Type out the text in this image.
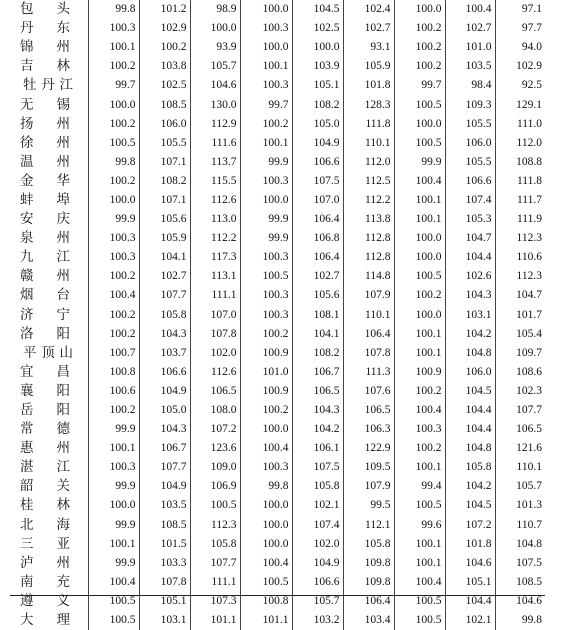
包 头	99.8	101.2	98.9	100.0	104.5	102.4	100.0	100.4	97.1

丹 东	100.3	102.9	100.0	100.3	102.5	102.7	100.2	102.7	97.7

锦 州	100.1	100.2	93.9	100.0	100.0	93.1	100.2	101.0	94.0

吉 林	100.2	103.8	105.7	100.1	103.9	105.9	100.2	103.5	102.9

牡 丹 江	99.7	102.5	104.6	100.3	105.1	101.8	99.7	98.4	92.5

无 锡	100.0	108.5	130.0	99.7	108.2	128.3	100.5	109.3	129.1

扬 州	100.2	106.0	112.9	100.2	105.0	111.8	100.0	105.5	111.0

徐 州	100.5	105.5	111.6	100.1	104.9	110.1	100.5	106.0	112.0

温 州	99.8	107.1	113.7	99.9	106.6	112.0	99.9	105.5	108.8

金 华	100.2	108.2	115.5	100.3	107.5	112.5	100.4	106.6	111.8

蚌 埠	100.0	107.1	112.6	100.0	107.0	112.2	100.1	107.4	111.7

安 庆	99.9	105.6	113.0	99.9	106.4	113.8	100.1	105.3	111.9

泉 州	100.3	105.9	112.2	99.9	106.8	112.8	100.0	104.7	112.3

九 江	100.3	104.1	117.3	100.3	106.4	112.8	100.0	104.4	110.6

赣 州	100.2	102.7	113.1	100.5	102.7	114.8	100.5	102.6	112.3

烟 台	100.4	107.7	111.1	100.3	105.6	107.9	100.2	104.3	104.7

济 宁	100.2	105.8	107.0	100.3	108.1	110.1	100.0	103.1	101.7

洛 阳	100.2	104.3	107.8	100.2	104.1	106.4	100.1	104.2	105.4

平 顶 山	100.7	103.7	102.0	100.9	108.2	107.8	100.1	104.8	109.7

宜 昌	100.8	106.6	112.6	101.0	106.7	111.3	100.9	106.0	108.6

襄 阳	100.6	104.9	106.5	100.9	106.5	107.6	100.2	104.5	102.3

岳 阳	100.2	105.0	108.0	100.2	104.3	106.5	100.4	104.4	107.7

常 德	99.9	104.3	107.2	100.0	104.2	106.3	100.3	104.4	106.5

惠 州	100.1	106.7	123.6	100.4	106.1	122.9	100.2	104.8	121.6

湛 江	100.3	107.7	109.0	100.3	107.5	109.5	100.1	105.8	110.1

韶 关	99.9	104.9	106.9	99.8	105.8	107.9	99.4	104.2	105.7

桂 林	100.0	103.5	100.5	100.0	102.1	99.5	100.5	104.5	101.3

北 海	99.9	108.5	112.3	100.0	107.4	112.1	99.6	107.2	110.7

三 亚	100.1	101.5	105.8	100.0	102.0	105.8	100.1	101.8	104.8

泸 州	99.9	103.3	107.7	100.4	104.9	109.8	100.1	104.6	107.5

南 充	100.4	107.8	111.1	100.5	106.6	109.8	100.4	105.1	108.5

遵 义	100.5	105.1	107.3	100.8	105.7	106.4	100.5	104.4	104.6

大 理	100.5	103.1	101.1	101.1	103.2	103.4	100.5	102.1	99.8
